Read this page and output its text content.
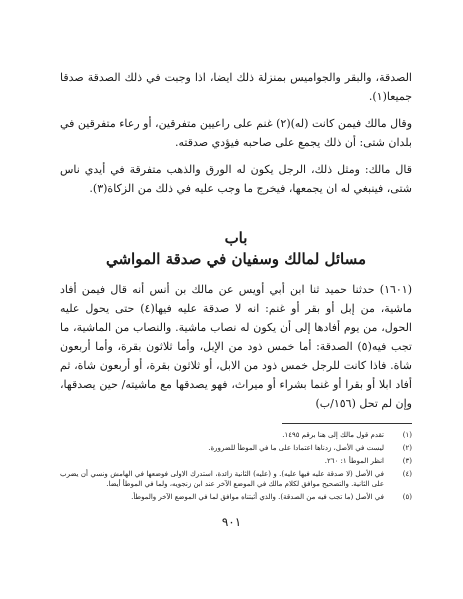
الصدقة، والبقر والجواميس بمنزلة ذلك ايضا، اذا وجبت في ذلك الصدقة صدقا جميعا(١).

وقال مالك فيمن كانت (له)(٢) غنم على راعيين متفرقين، أو رعاء متفرقين في بلدان شتى: أن ذلك يجمع على صاحبه فيؤدي صدقته.

قال مالك: ومثل ذلك، الرجل يكون له الورق والذهب متفرقة في أيدي ناس شتى، فينبغي له ان يجمعها، فيخرج ما وجب عليه في ذلك من الزكاة(٣).

باب
مسائل لمالك وسفيان في صدقة المواشي

(١٦٠١) حدثنا حميد ثنا ابن أبي أويس عن مالك بن أنس أنه قال فيمن أفاد ماشية، من إبل أو بقر أو غنم: انه لا صدقة عليه فيها(٤) حتى يحول عليه الحول، من يوم أفادها إلى أن يكون له نصاب ماشية. والنصاب من الماشية، ما تجب فيه(٥) الصدقة: أما خمس ذود من الإبل، وأما ثلاثون بقرة، وأما أربعون شاة. فاذا كانت للرجل خمس ذود من الابل، أو ثلاثون بقرة، أو أربعون شاة، ثم أفاد ابلا أو بقرا أو غنما بشراء أو ميراث، فهو يصدقها مع ماشيته/ حين يصدقها، وإن لم تحل (١٥٦/ب)

(١)
تقدم قول مالك إلى هنا برقم ١٤٩٥.
(٢)
ليست في الأصل، زدناها اعتمادا على ما في الموطأ للضرورة.
(٣)
انظر الموطأ ١: ٢٦٠.
(٤)
في الأصل (لا صدقة عليه فيها عليه). و (عليه) الثانية زائدة، استدرك الاولى فوضعها في الهامش ونسي أن يضرب على الثانية. والتصحيح موافق لكلام مالك في الموضع الآخر عند ابن زنجويه، ولما في الموطأ أيضا.
(٥)
في الأصل (ما تجب فيه من الصدقة). والذي أثبتناه موافق لما في الموضع الآخر والموطأ.
٩٠١
